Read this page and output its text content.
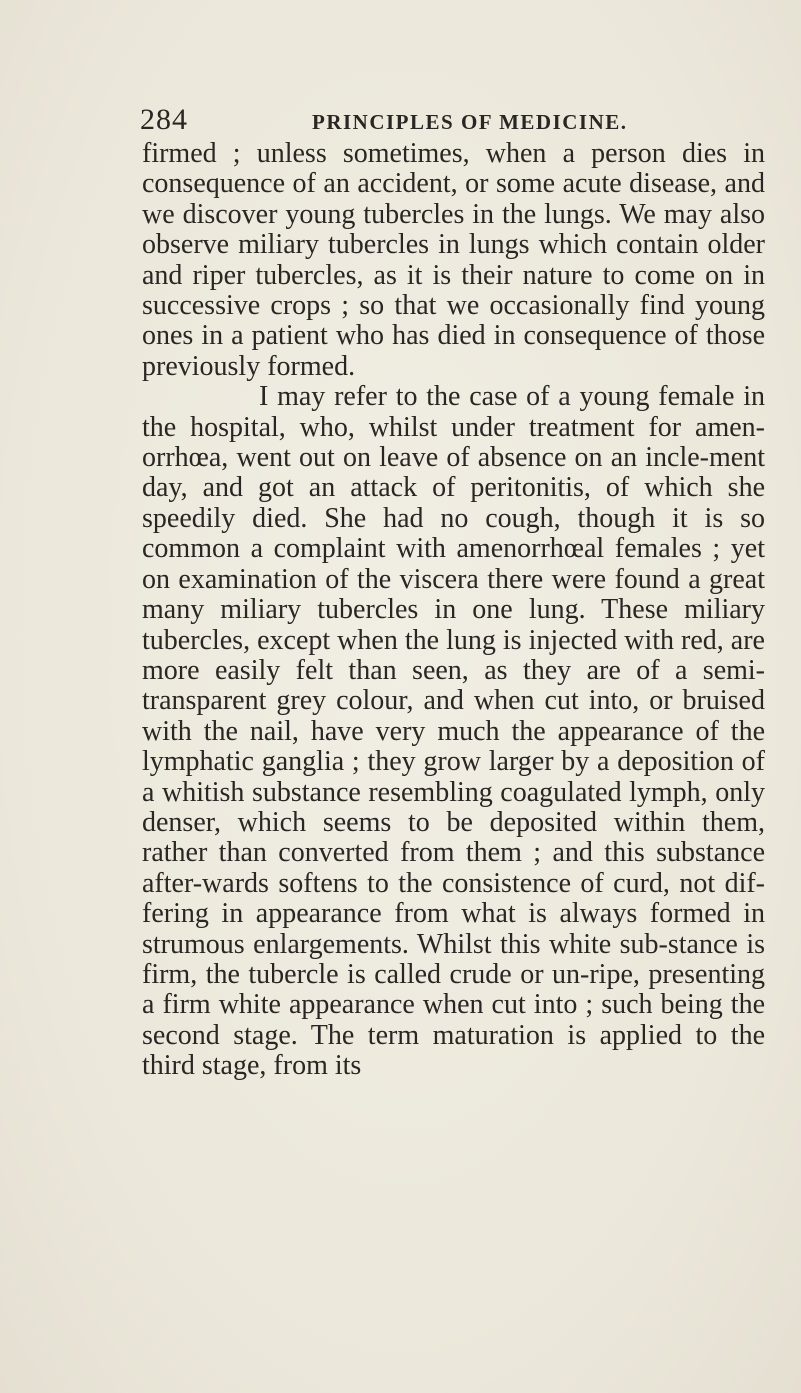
284	PRINCIPLES OF MEDICINE.

firmed ; unless sometimes, when a person dies in consequence of an accident, or some acute disease, and we discover young tubercles in the lungs. We may also observe miliary tubercles in lungs which contain older and riper tubercles, as it is their nature to come on in successive crops ; so that we occasionally find young ones in a patient who has died in consequence of those previously formed.

I may refer to the case of a young female in the hospital, who, whilst under treatment for amen-orrhœa, went out on leave of absence on an incle-ment day, and got an attack of peritonitis, of which she speedily died. She had no cough, though it is so common a complaint with amenorrhœal females ; yet on examination of the viscera there were found a great many miliary tubercles in one lung. These miliary tubercles, except when the lung is injected with red, are more easily felt than seen, as they are of a semi-transparent grey colour, and when cut into, or bruised with the nail, have very much the appearance of the lymphatic ganglia ; they grow larger by a deposition of a whitish substance resembling coagulated lymph, only denser, which seems to be deposited within them, rather than converted from them ; and this substance after-wards softens to the consistence of curd, not dif-fering in appearance from what is always formed in strumous enlargements. Whilst this white sub-stance is firm, the tubercle is called crude or un-ripe, presenting a firm white appearance when cut into ; such being the second stage. The term maturation is applied to the third stage, from its
